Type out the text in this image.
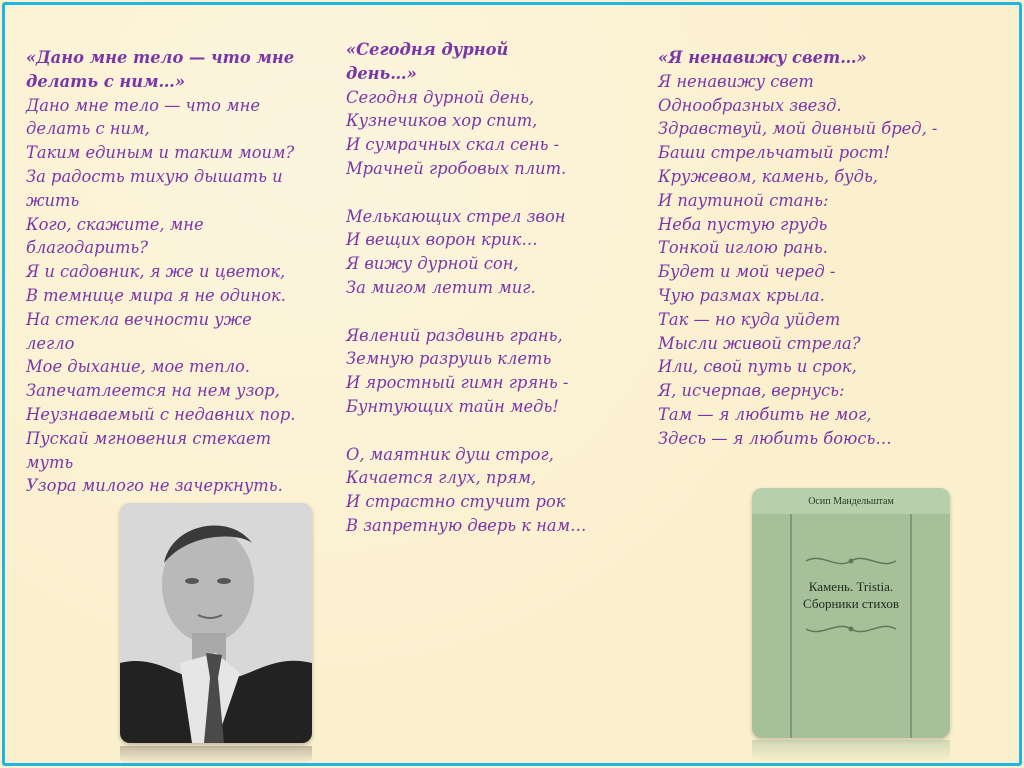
«Дано мне тело — что мне
делать с ним…»
Дано мне тело — что мне
делать с ним,
Таким единым и таким моим?
За радость тихую дышать и
жить
Кого, скажите, мне
благодарить?
Я и садовник, я же и цветок,
В темнице мира я не одинок.
На стекла вечности уже
легло
Мое дыхание, мое тепло.
Запечатлеется на нем узор,
Неузнаваемый с недавних пор.
Пускай мгновения стекает
муть
Узора милого не зачеркнуть.
«Сегодня дурной
день…»
Сегодня дурной день,
Кузнечиков хор спит,
И сумрачных скал сень -
Мрачней гробовых плит.
Мелькающих стрел звон
И вещих ворон крик…
Я вижу дурной сон,
За мигом летит миг.
Явлений раздвинь грань,
Земную разрушь клеть
И яростный гимн грянь -
Бунтующих тайн медь!
О, маятник душ строг,
Качается глух, прям,
И страстно стучит рок
В запретную дверь к нам…
«Я ненавижу свет…»
Я ненавижу свет
Однообразных звезд.
Здравствуй, мой дивный бред, -
Баши стрельчатый рост!
Кружевом, камень, будь,
И паутиной стань:
Неба пустую грудь
Тонкой иглою рань.
Будет и мой черед -
Чую размах крыла.
Так — но куда уйдет
Мысли живой стрела?
Или, свой путь и срок,
Я, исчерпав, вернусь:
Там — я любить не мог,
Здесь — я любить боюсь…
Осип Мандельштам
Камень. Tristia.
Сборники стихов
